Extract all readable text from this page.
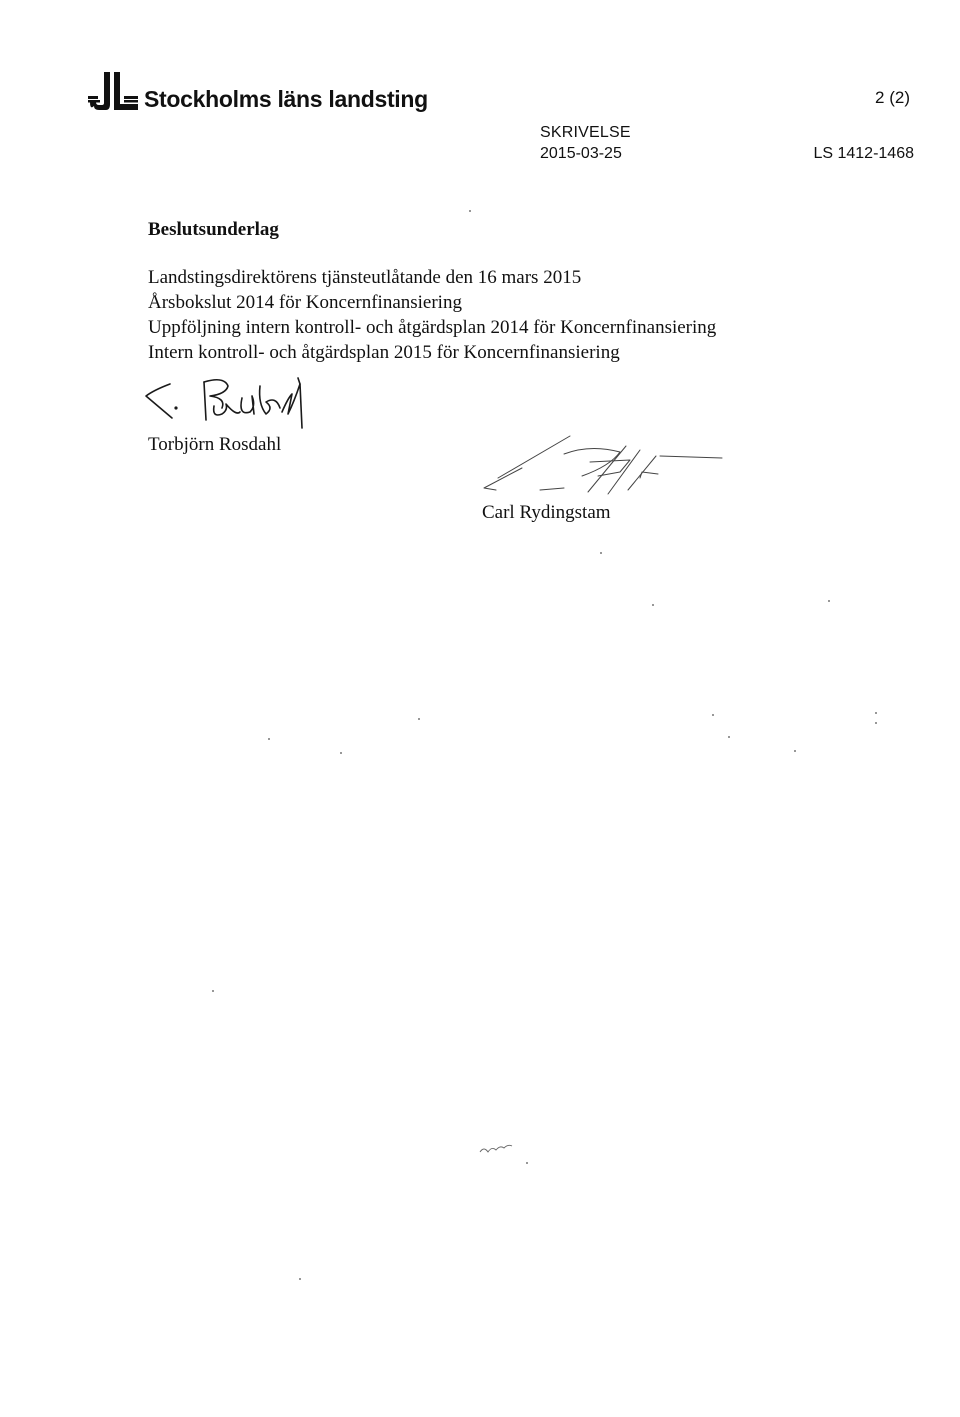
Stockholms läns landsting	2 (2)
SKRIVELSE
2015-03-25	LS 1412-1468
Beslutsunderlag
Landstingsdirektörens tjänsteutlåtande den 16 mars 2015
Årsbokslut 2014 för Koncernfinansiering
Uppföljning intern kontroll- och åtgärdsplan 2014 för Koncernfinansiering
Intern kontroll- och åtgärdsplan 2015 för Koncernfinansiering
Torbjörn Rosdahl
Carl Rydingstam
